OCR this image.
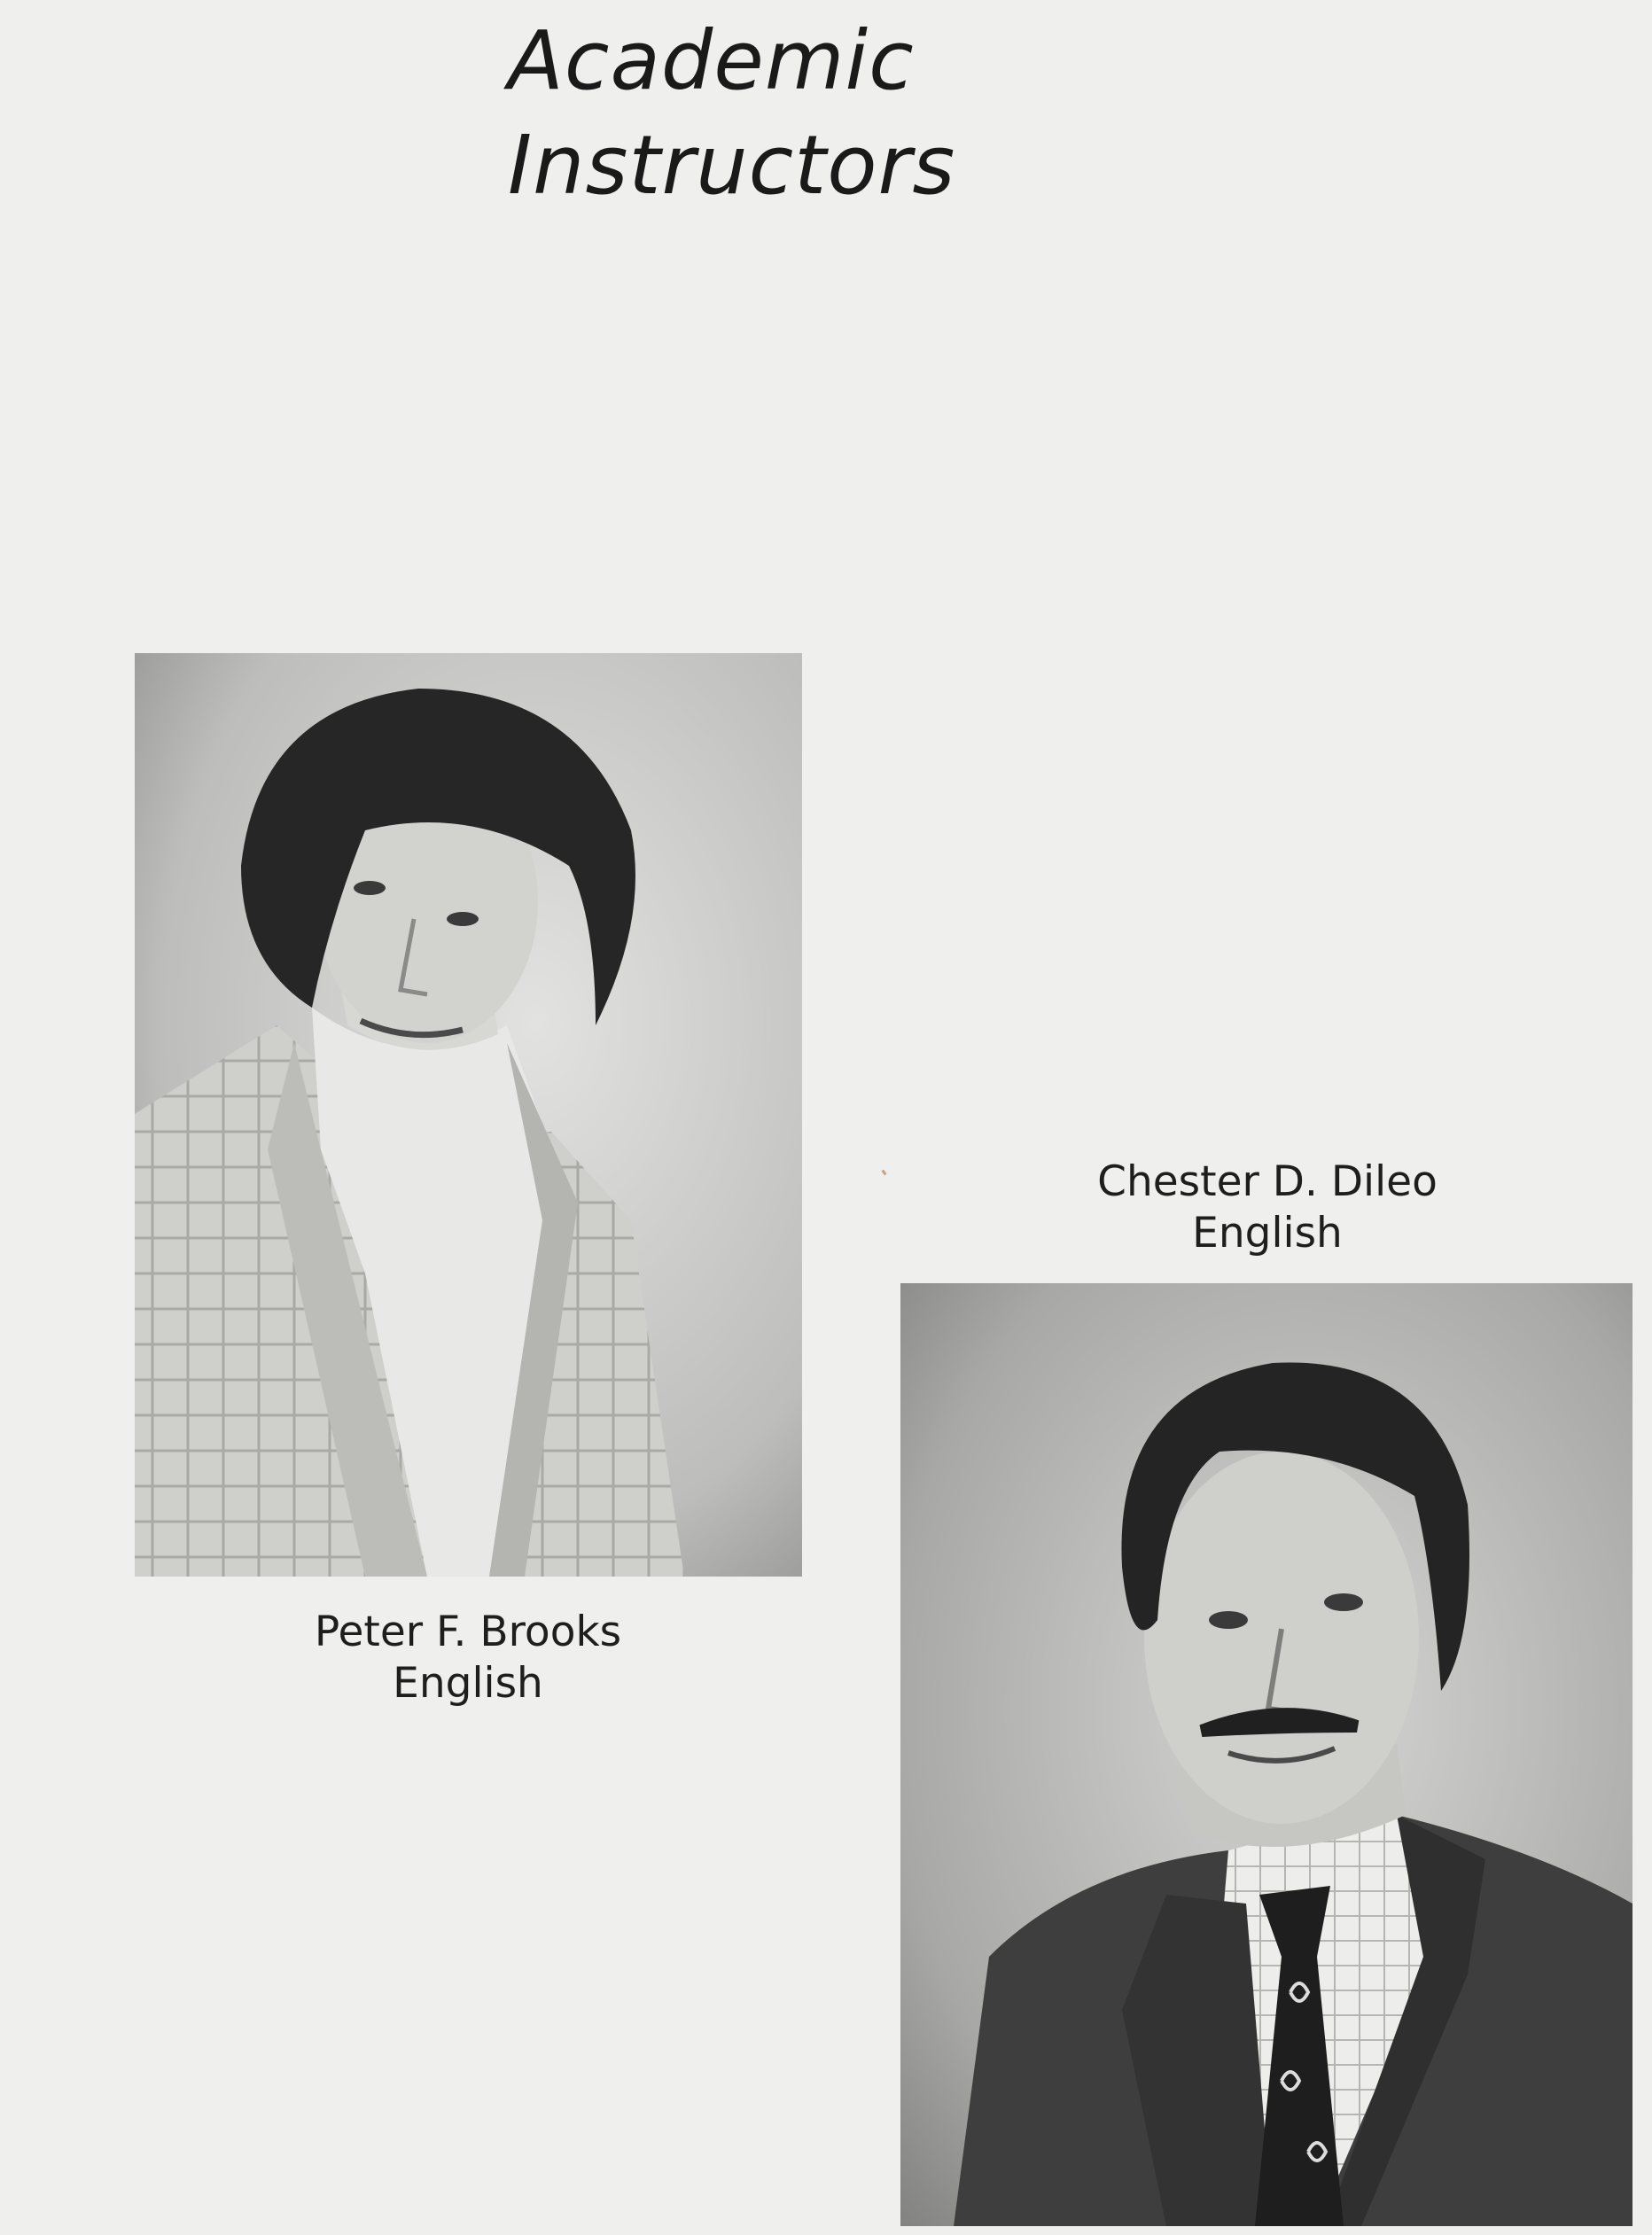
Academic
Instructors
Peter F. Brooks
English
Chester D. Dileo
English
